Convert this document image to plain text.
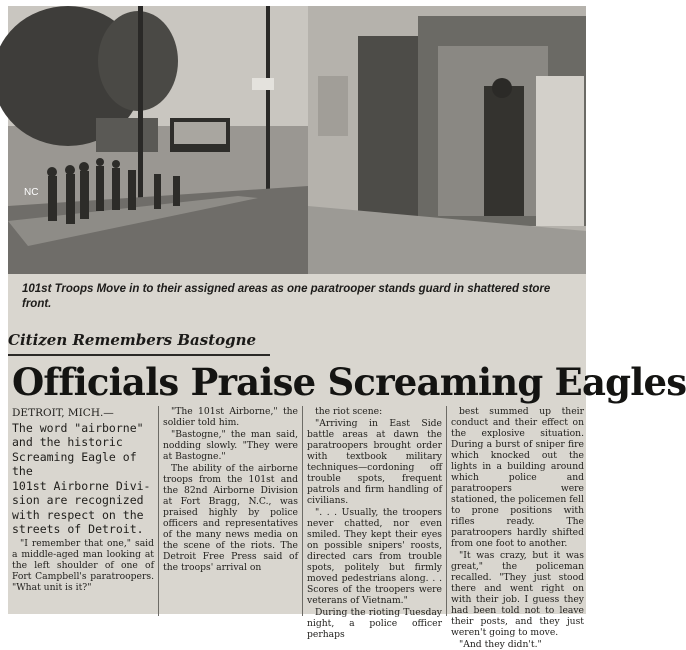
NC
101st Troops Move in to their assigned areas as one paratrooper stands guard in shattered store front.
Citizen Remembers Bastogne
Officials Praise Screaming Eagles
DETROIT, MICH.—
The word "airborne"
and the historic
Screaming Eagle of the
101st Airborne Divi-
sion are recognized
with respect on the
streets of Detroit.

"I remember that one," said a middle-aged man looking at the left shoulder of one of Fort Campbell's paratroopers. "What unit is it?"

"The 101st Airborne," the soldier told him.

"Bastogne," the man said, nodding slowly. "They were at Bastogne."

The ability of the airborne troops from the 101st and the 82nd Airborne Division at Fort Bragg, N.C., was praised highly by police officers and representatives of the many news media on the scene of the riots. The Detroit Free Press said of the troops' arrival on

the riot scene:

"Arriving in East Side battle areas at dawn the paratroopers brought order with textbook military techniques—cordoning off trouble spots, frequent patrols and firm handling of civilians.

". . . Usually, the troopers never chatted, nor even smiled. They kept their eyes on possible snipers' roosts, directed cars from trouble spots, politely but firmly moved pedestrians along. . . Scores of the troopers were veterans of Vietnam."

During the rioting Tuesday night, a police officer perhaps

best summed up their conduct and their effect on the explosive situation. During a burst of sniper fire which knocked out the lights in a building around which police and paratroopers were stationed, the policemen fell to prone positions with rifles ready. The paratroopers hardly shifted from one foot to another.

"It was crazy, but it was great," the policeman recalled. "They just stood there and went right on with their job. I guess they had been told not to leave their posts, and they just weren't going to move.

"And they didn't."
